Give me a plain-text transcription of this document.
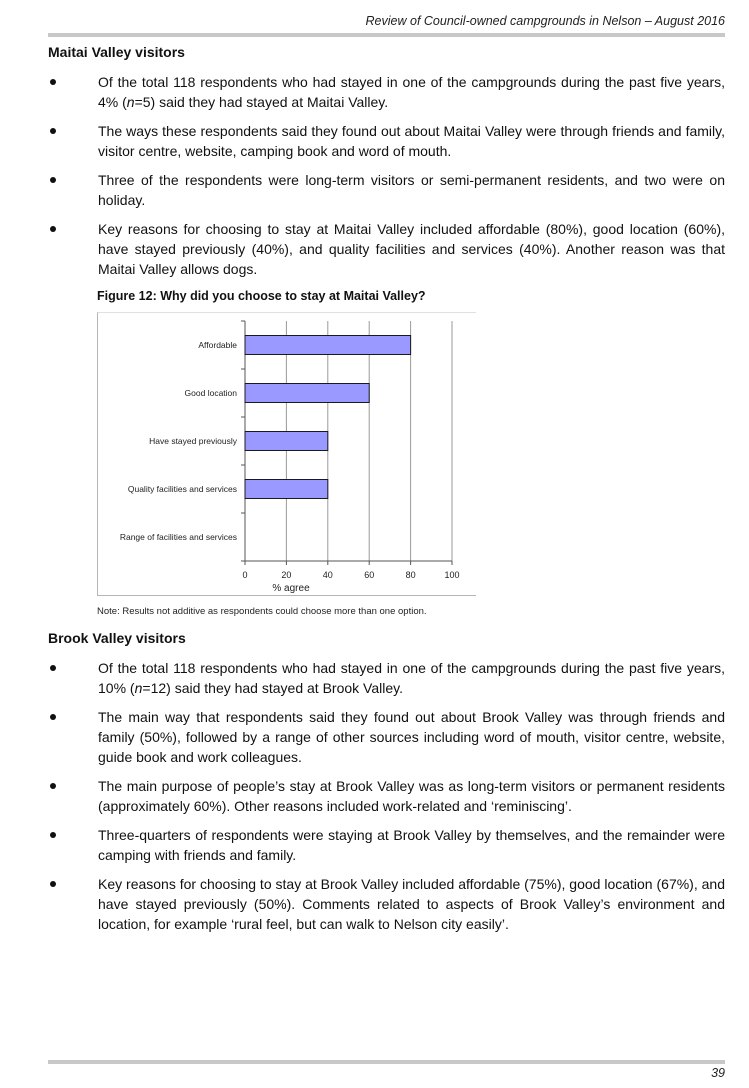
Review of Council-owned campgrounds in Nelson – August 2016
Maitai Valley visitors
Of the total 118 respondents who had stayed in one of the campgrounds during the past five years, 4% (n=5) said they had stayed at Maitai Valley.
The ways these respondents said they found out about Maitai Valley were through friends and family, visitor centre, website, camping book and word of mouth.
Three of the respondents were long-term visitors or semi-permanent residents, and two were on holiday.
Key reasons for choosing to stay at Maitai Valley included affordable (80%), good location (60%), have stayed previously (40%), and quality facilities and services (40%). Another reason was that Maitai Valley allows dogs.

Figure 12: Why did you choose to stay at Maitai Valley?

0	20	40	60	80	100
Affordable
Good location
Have stayed previously
Quality facilities and services
Range of facilities and services
% agree

Note: Results not additive as respondents could choose more than one option.

Brook Valley visitors
Of the total 118 respondents who had stayed in one of the campgrounds during the past five years, 10% (n=12) said they had stayed at Brook Valley.
The main way that respondents said they found out about Brook Valley was through friends and family (50%), followed by a range of other sources including word of mouth, visitor centre, website, guide book and work colleagues.
The main purpose of people’s stay at Brook Valley was as long-term visitors or permanent residents (approximately 60%). Other reasons included work-related and ‘reminiscing’.
Three-quarters of respondents were staying at Brook Valley by themselves, and the remainder were camping with friends and family.
Key reasons for choosing to stay at Brook Valley included affordable (75%), good location (67%), and have stayed previously (50%). Comments related to aspects of Brook Valley’s environment and location, for example ‘rural feel, but can walk to Nelson city easily’.
39
